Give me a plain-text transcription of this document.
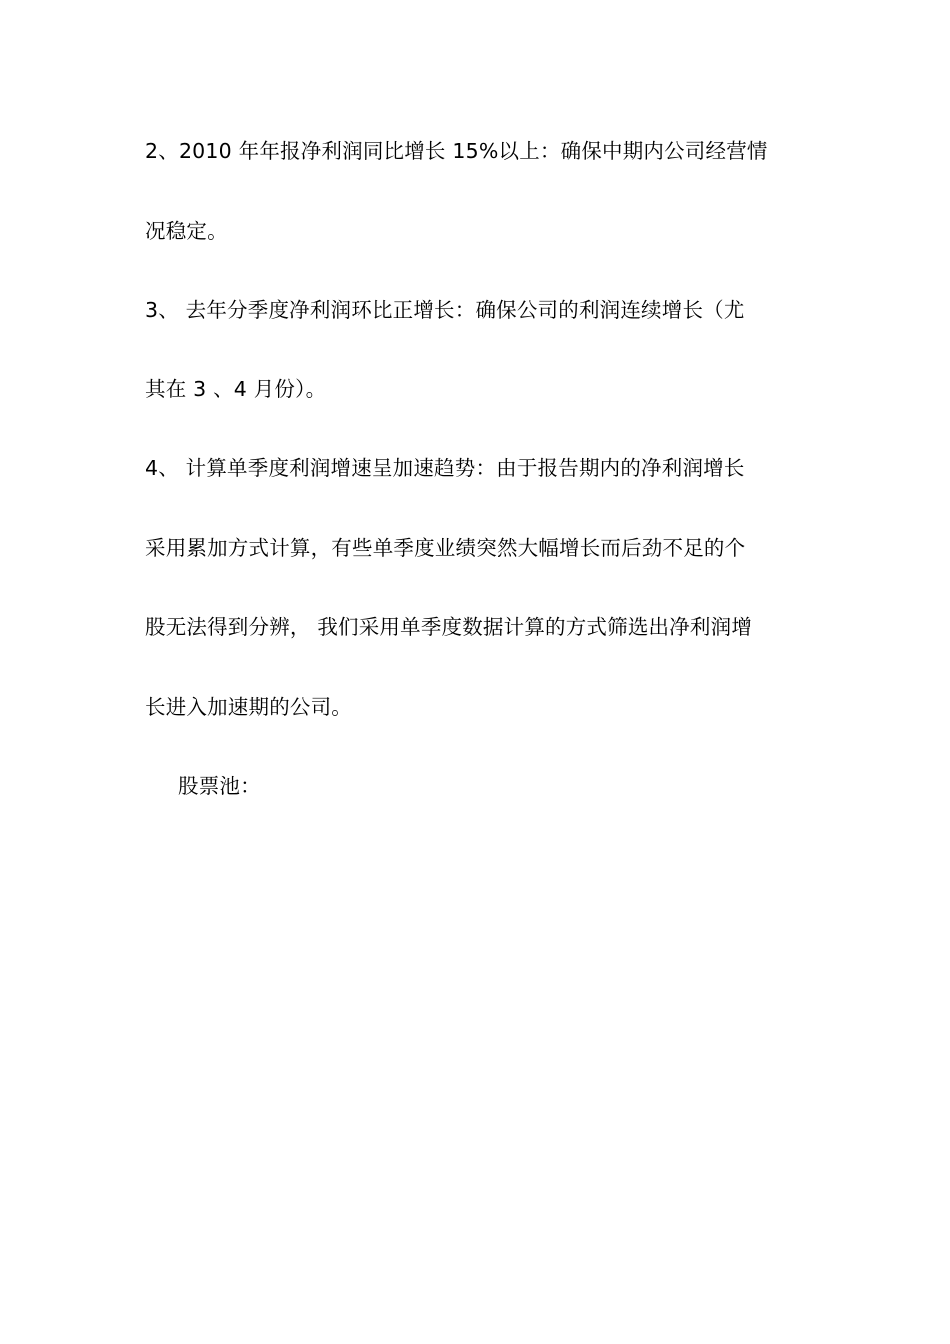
2、2010 年年报净利润同比增长 15%以上：确保中期内公司经营情

况稳定。

3、 去年分季度净利润环比正增长：确保公司的利润连续增长（尤

其在 3 、4 月份）。

4、 计算单季度利润增速呈加速趋势：由于报告期内的净利润增长

采用累加方式计算，有些单季度业绩突然大幅增长而后劲不足的个

股无法得到分辨， 我们采用单季度数据计算的方式筛选出净利润增

长进入加速期的公司。

股票池：
